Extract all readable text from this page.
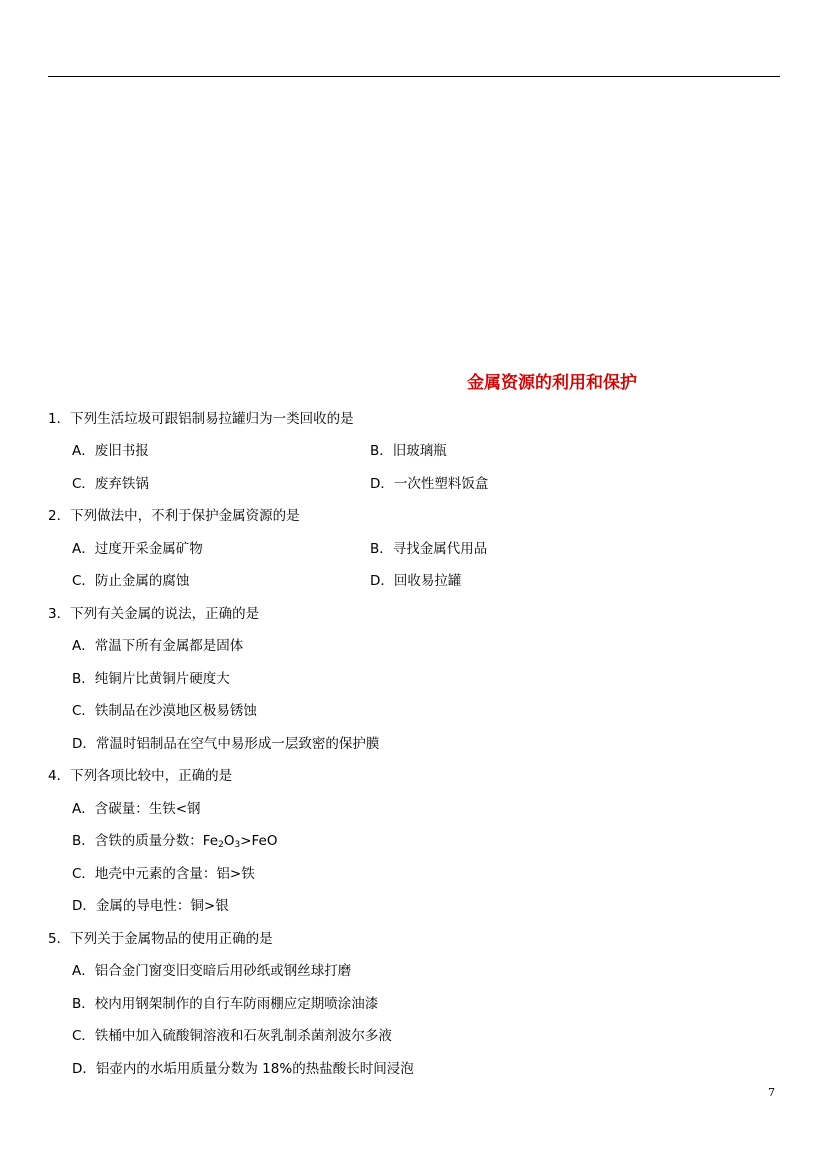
金属资源的利用和保护
1．下列生活垃圾可跟铝制易拉罐归为一类回收的是
A．废旧书报	B．旧玻璃瓶
C．废弃铁锅	D．一次性塑料饭盒
2．下列做法中，不利于保护金属资源的是
A．过度开采金属矿物	B．寻找金属代用品
C．防止金属的腐蚀	D．回收易拉罐
3．下列有关金属的说法，正确的是
A．常温下所有金属都是固体
B．纯铜片比黄铜片硬度大
C．铁制品在沙漠地区极易锈蚀
D．常温时铝制品在空气中易形成一层致密的保护膜
4．下列各项比较中，正确的是
A．含碳量：生铁<钢
B．含铁的质量分数：$Fe_2O_3>FeO$
C．地壳中元素的含量：铝>铁
D．金属的导电性：铜>银
5．下列关于金属物品的使用正确的是
A．铝合金门窗变旧变暗后用砂纸或钢丝球打磨
B．校内用钢架制作的自行车防雨棚应定期喷涂油漆
C．铁桶中加入硫酸铜溶液和石灰乳制杀菌剂波尔多液
D．铝壶内的水垢用质量分数为 18%的热盐酸长时间浸泡
7
